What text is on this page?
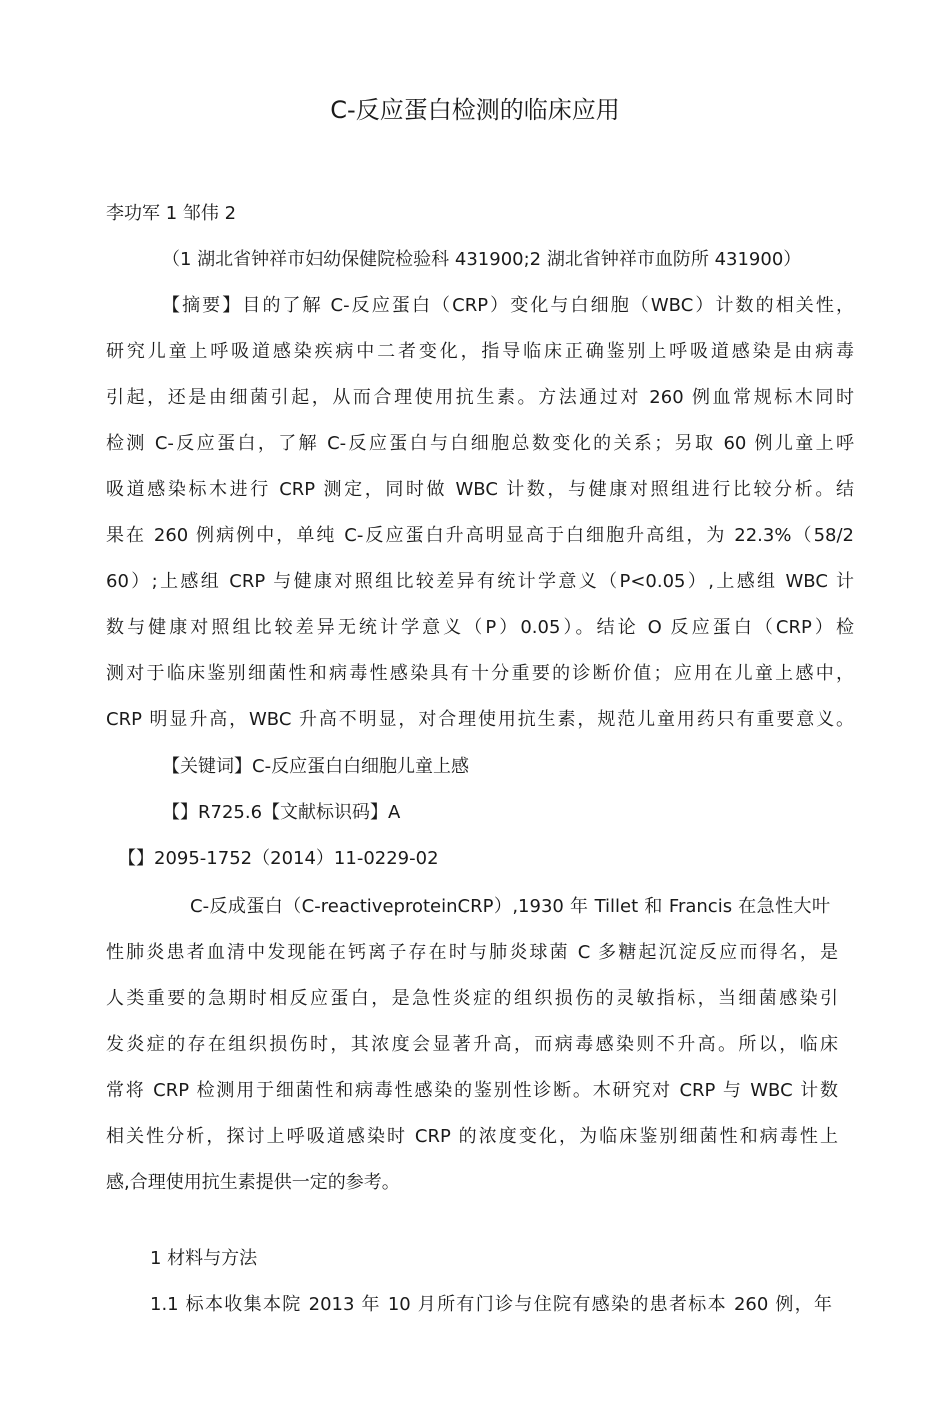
C-反应蛋白检测的临床应用
李功军 1 邹伟 2
（1 湖北省钟祥市妇幼保健院检验科 431900;2 湖北省钟祥市血防所 431900）
【摘要】目的了解 C-反应蛋白（CRP）变化与白细胞（WBC）计数的相关性，
研究儿童上呼吸道感染疾病中二者变化，指导临床正确鉴别上呼吸道感染是由病毒
引起，还是由细菌引起，从而合理使用抗生素。方法通过对 260 例血常规标木同时
检测 C-反应蛋白，了解 C-反应蛋白与白细胞总数变化的关系；另取 60 例儿童上呼
吸道感染标木进行 CRP 测定，同时做 WBC 计数，与健康对照组进行比较分析。结
果在 260 例病例中，单纯 C-反应蛋白升高明显高于白细胞升高组，为 22.3%（58/2
60）;上感组 CRP 与健康对照组比较差异有统计学意义（P<0.05）,上感组 WBC 计
数与健康对照组比较差异无统计学意义（P）0.05）。结论 O 反应蛋白（CRP）检
测对于临床鉴别细菌性和病毒性感染具有十分重要的诊断价值；应用在儿童上感中，
CRP 明显升高，WBC 升高不明显，对合理使用抗生素，规范儿童用药只有重要意义。
【关键词】C-反应蛋白白细胞儿童上感
【】R725.6【文献标识码】A
【】2095-1752（2014）11-0229-02
C-反成蛋白（C-reactiveproteinCRP）,1930 年 Tillet 和 Francis 在急性大叶
性肺炎患者血清中发现能在钙离子存在时与肺炎球菌 C 多糖起沉淀反应而得名，是
人类重要的急期时相反应蛋白，是急性炎症的组织损伤的灵敏指标，当细菌感染引
发炎症的存在组织损伤时，其浓度会显著升高，而病毒感染则不升高。所以，临床
常将 CRP 检测用于细菌性和病毒性感染的鉴别性诊断。木研究对 CRP 与 WBC 计数
相关性分析，探讨上呼吸道感染时 CRP 的浓度变化，为临床鉴别细菌性和病毒性上
感,合理使用抗生素提供一定的参考。
1 材料与方法
1.1 标本收集本院 2013 年 10 月所有门诊与住院有感染的患者标本 260 例，年
